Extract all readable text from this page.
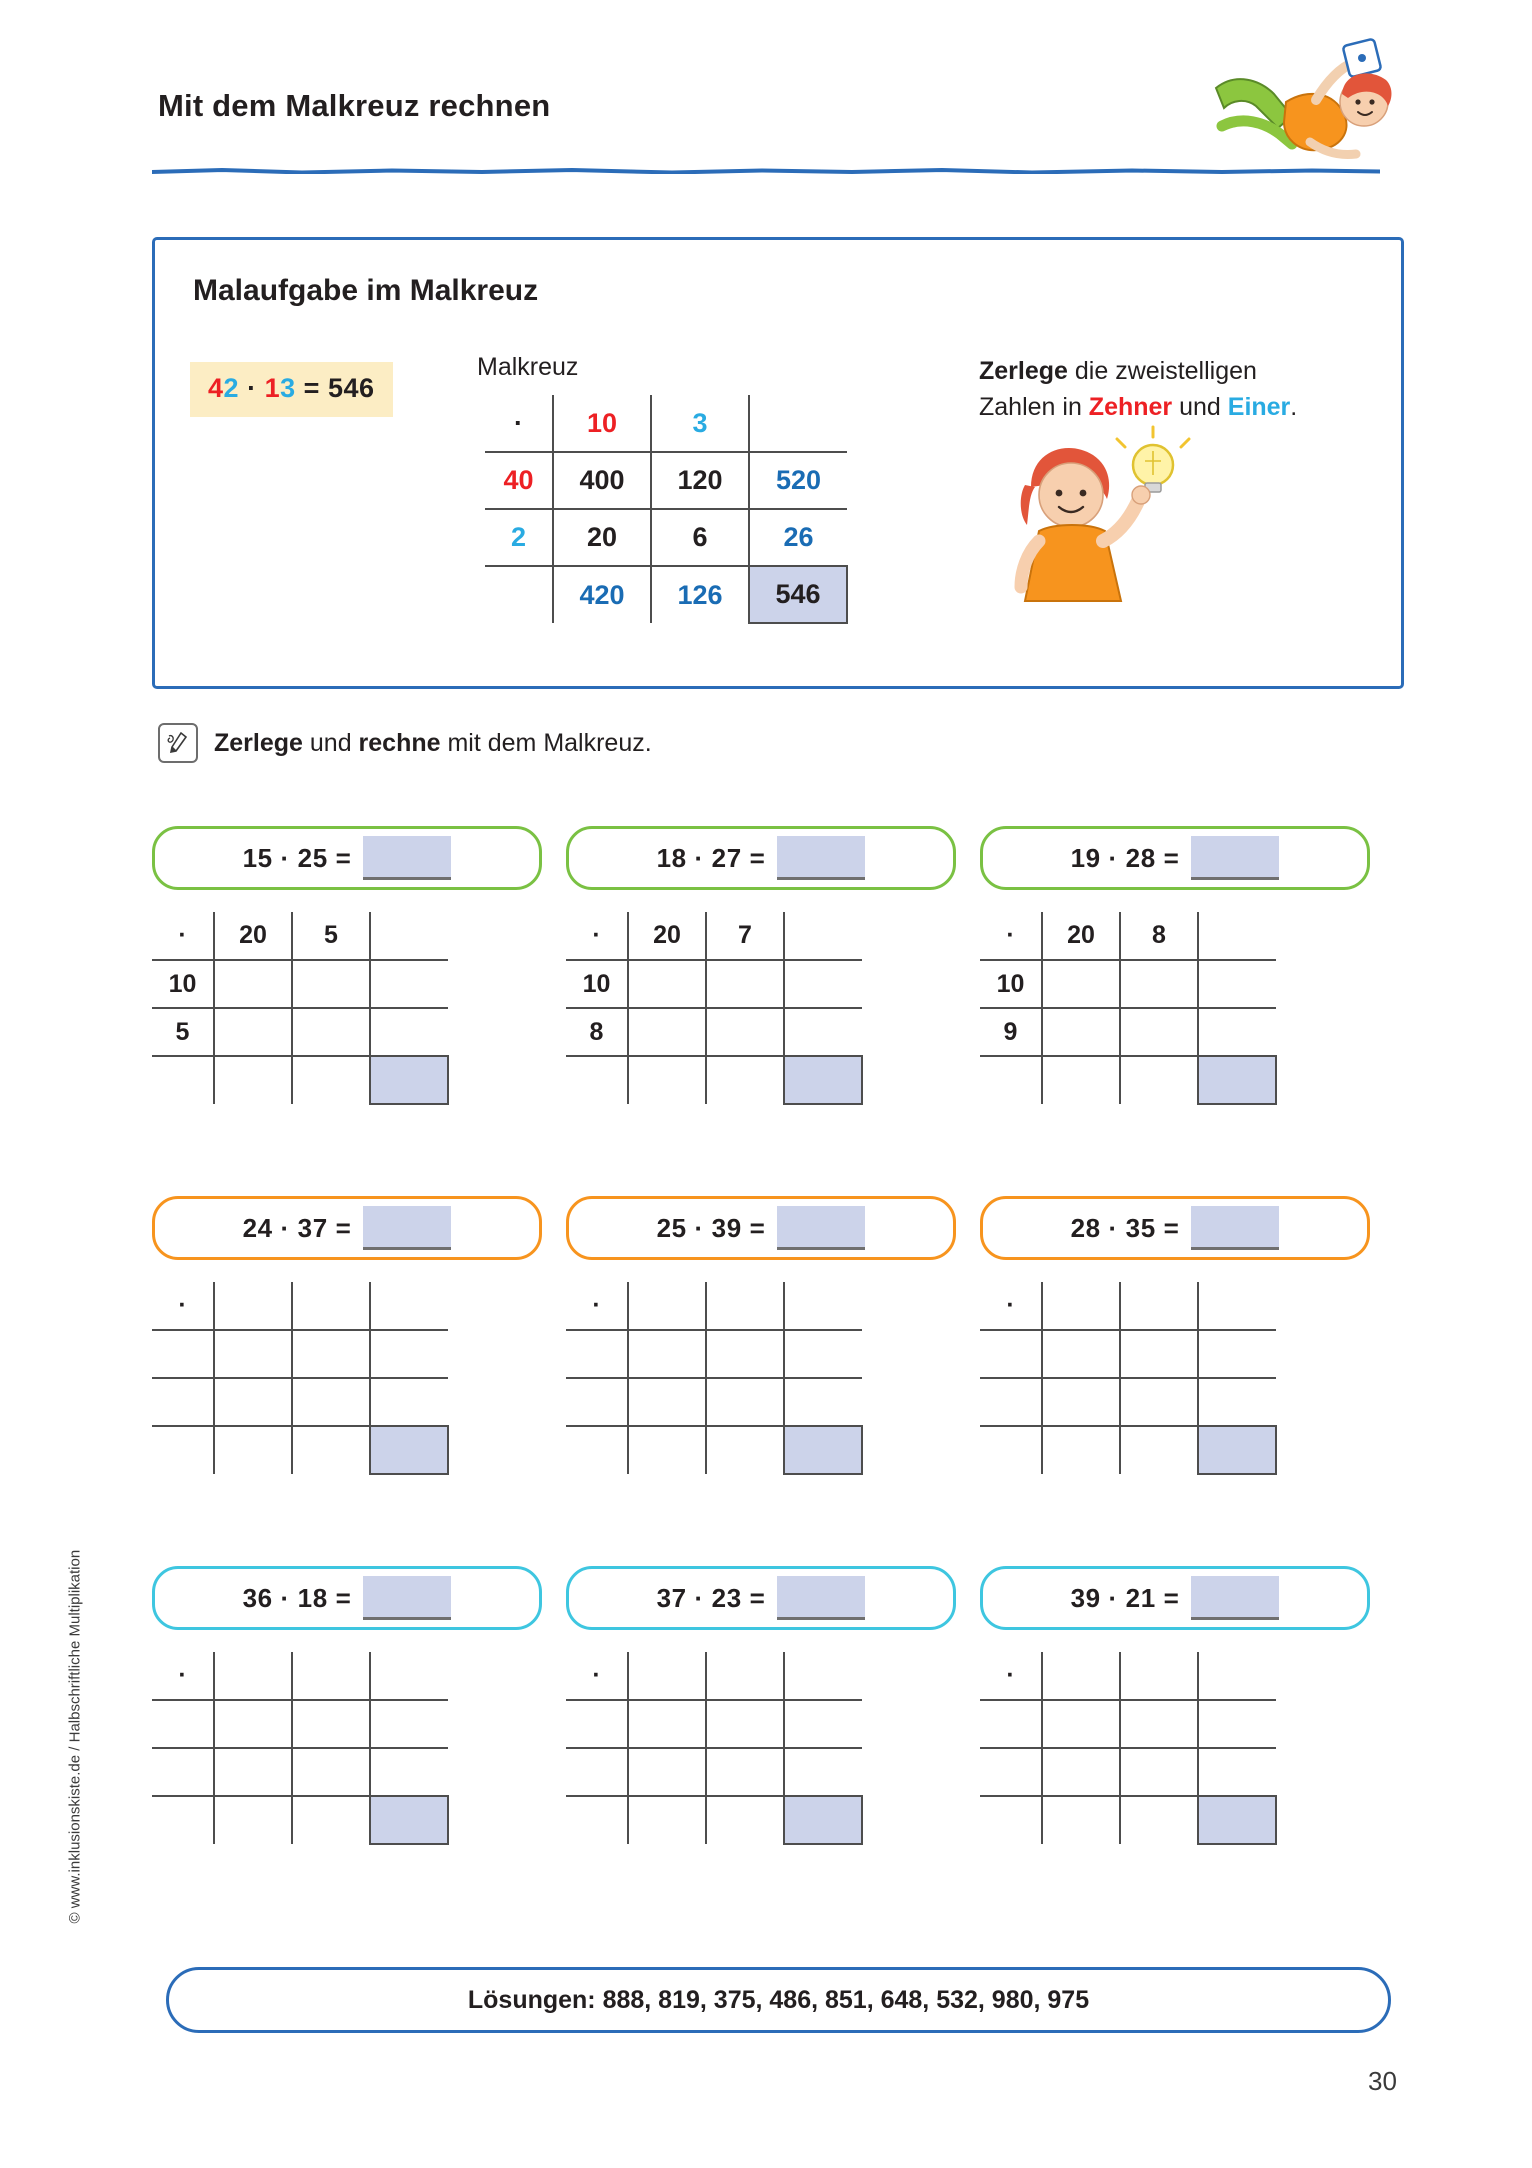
Mit dem Malkreuz rechnen
Malaufgabe im Malkreuz
42 · 13 = 546
Malkreuz
·	10	3	
40	400	120	520
2	20	6	26
	420	126	546
Zerlege die zweistelligen
Zahlen in Zehner und Einer.
Zerlege und rechne mit dem Malkreuz.
15
·
25
=
·	20	5	
10			
5			

18
·
27
=
·	20	7	
10			
8			

19
·
28
=
·	20	8	
10			
9			

24
·
37
=
·			

25
·
39
=
·			

28
·
35
=
·			

36
·
18
=
·			

37
·
23
=
·			

39
·
21
=
·			

Lösungen: 888, 819, 375, 486, 851, 648, 532, 980, 975
© www.inklusionskiste.de / Halbschriftliche Multiplikation
30
